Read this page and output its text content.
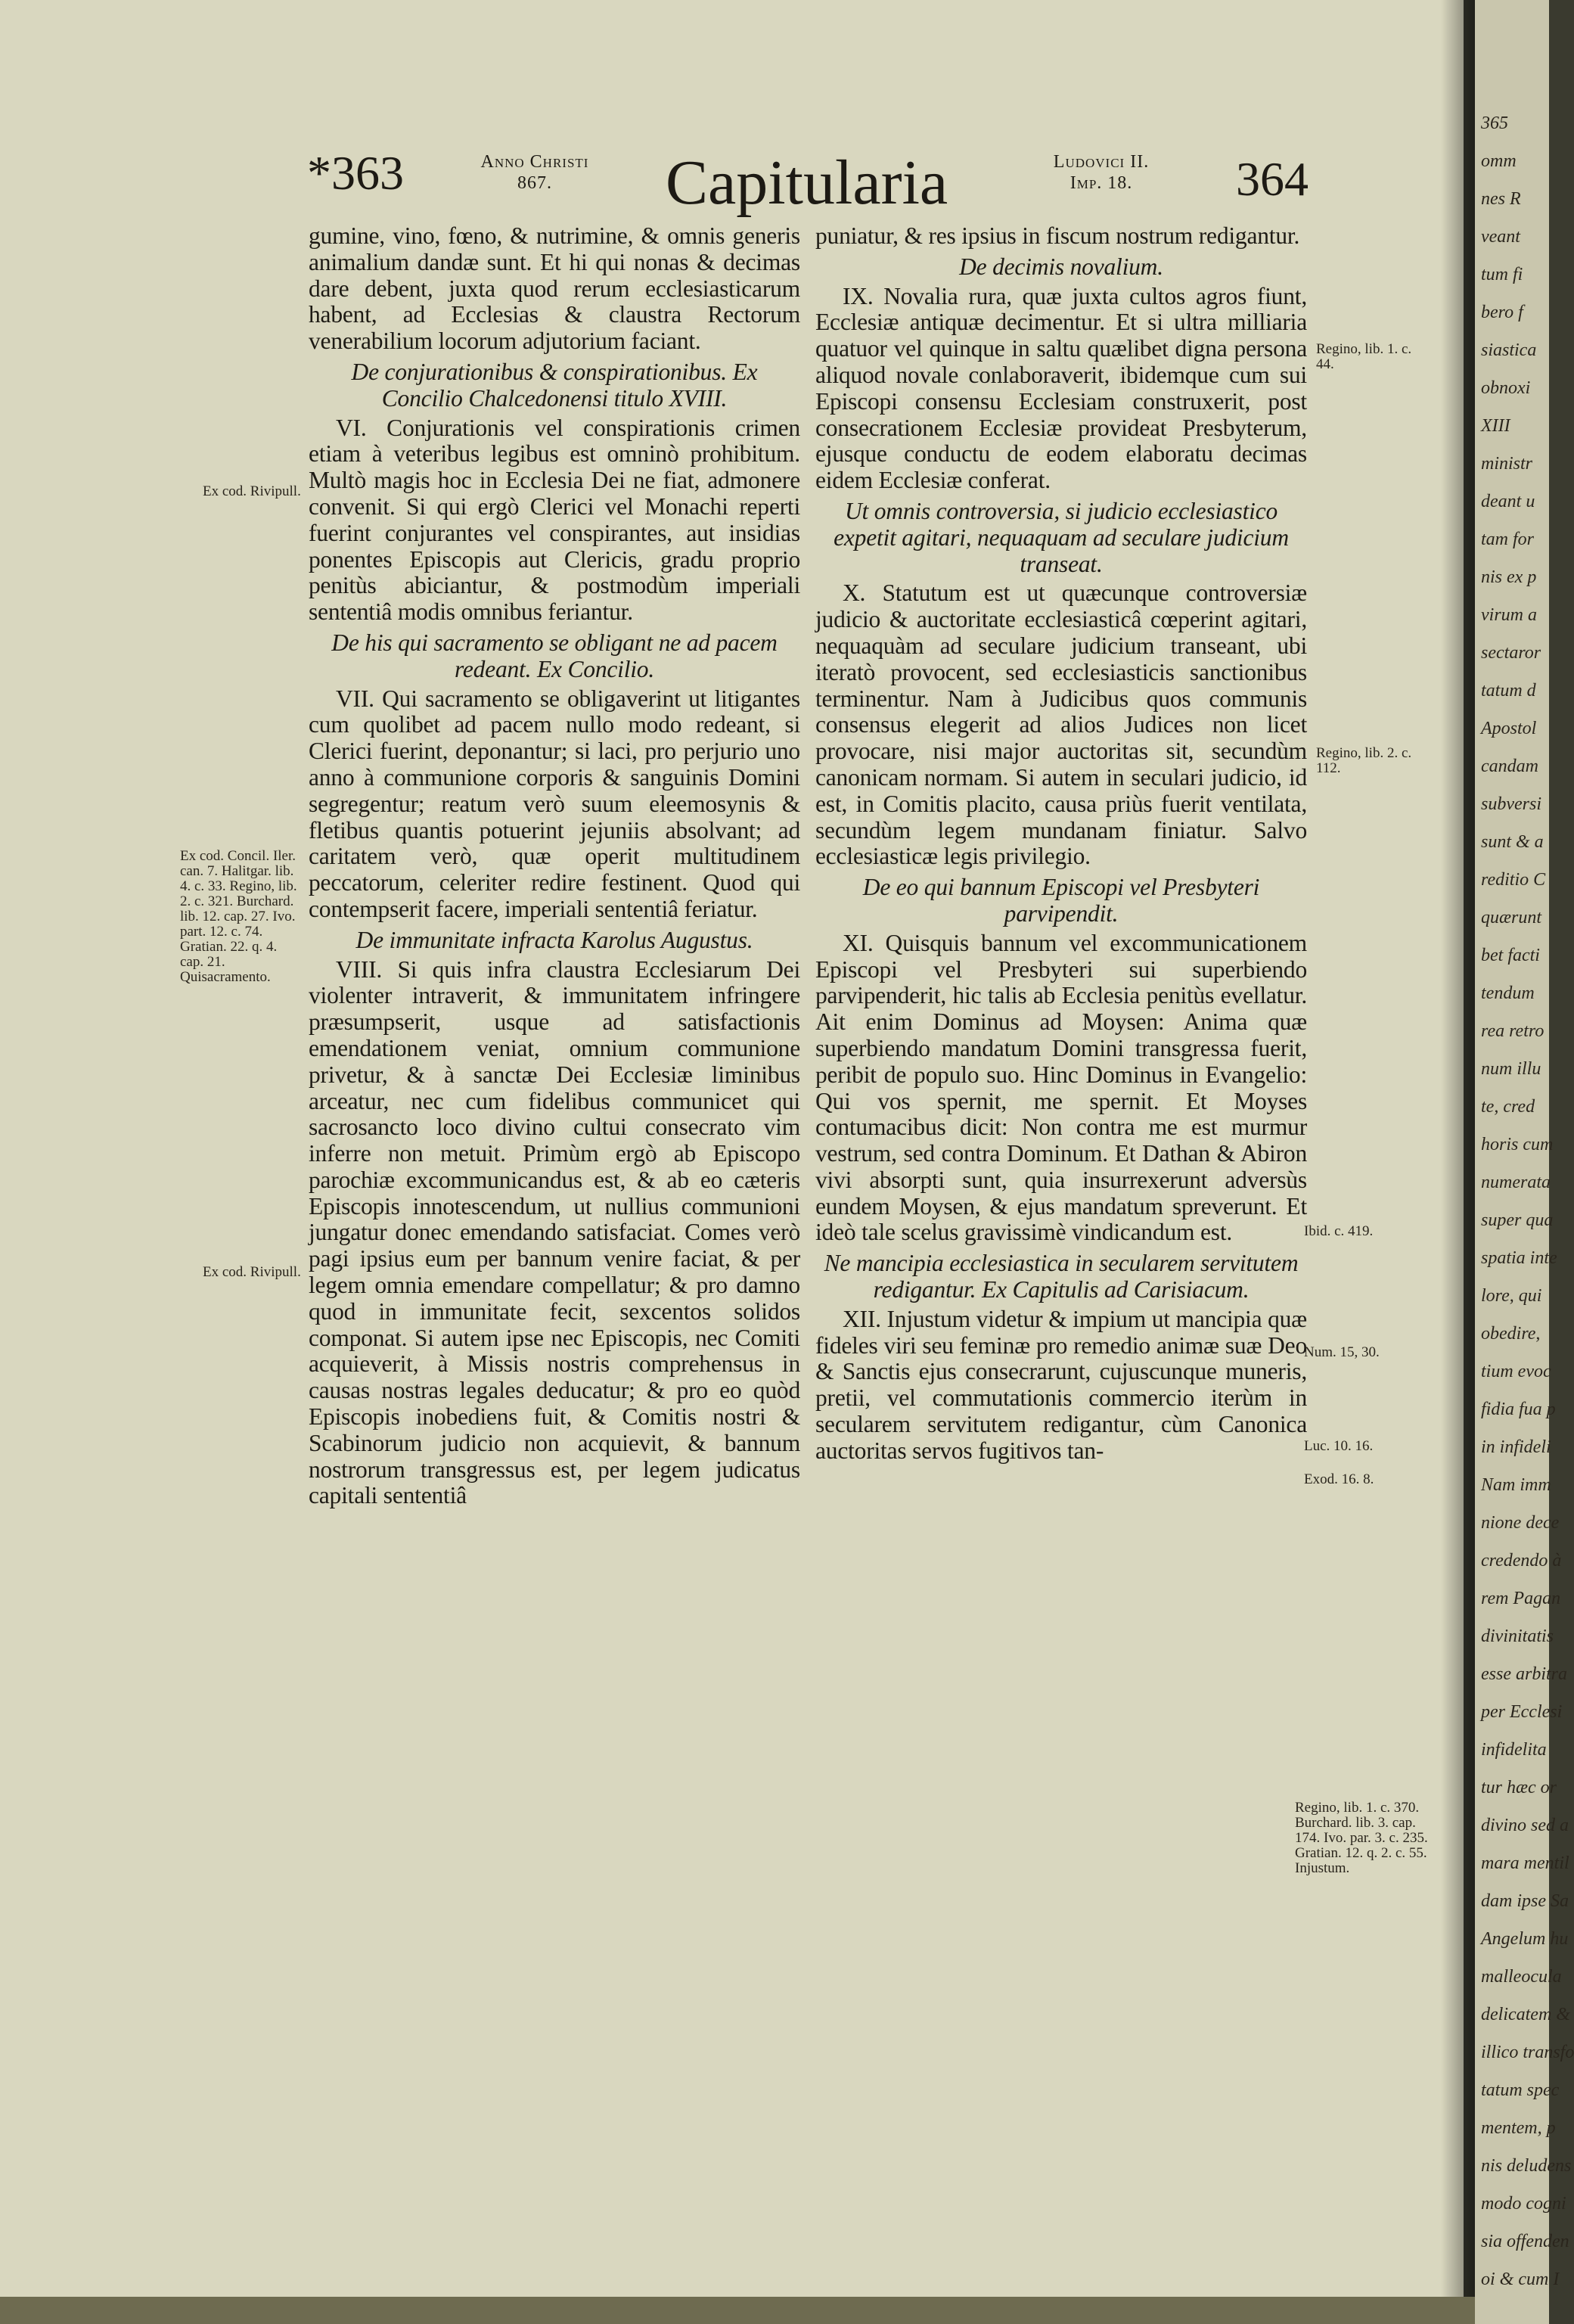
*363	Anno Christi
867.	Capitularia	Ludovici II.
Imp. 18.	364

gumine, vino, fœno, & nutrimine, & omnis generis animalium dandæ sunt. Et hi qui nonas & decimas dare debent, juxta quod rerum ecclesiasticarum habent, ad Ecclesias & claustra Rectorum venerabilium locorum adjutorium faciant.

De conjurationibus & conspirationibus. Ex Concilio Chalcedonensi titulo XVIII.

VI. Conjurationis vel conspirationis crimen etiam à veteribus legibus est omninò prohibitum. Multò magis hoc in Ecclesia Dei ne fiat, admonere convenit. Si qui ergò Clerici vel Monachi reperti fuerint conjurantes vel conspirantes, aut insidias ponentes Episcopis aut Clericis, gradu proprio penitùs abiciantur, & postmodùm imperiali sententiâ modis omnibus feriantur.

De his qui sacramento se obligant ne ad pacem redeant. Ex Concilio.

VII. Qui sacramento se obligaverint ut litigantes cum quolibet ad pacem nullo modo redeant, si Clerici fuerint, deponantur; si laci, pro perjurio uno anno à communione corporis & sanguinis Domini segregentur; reatum verò suum eleemosynis & fletibus quantis potuerint jejuniis absolvant; ad caritatem verò, quæ operit multitudinem peccatorum, celeriter redire festinent. Quod qui contempserit facere, imperiali sententiâ feriatur.

De immunitate infracta Karolus Augustus.

VIII. Si quis infra claustra Ecclesiarum Dei violenter intraverit, & immunitatem infringere præsumpserit, usque ad satisfactionis emendationem veniat, omnium communione privetur, & à sanctæ Dei Ecclesiæ liminibus arceatur, nec cum fidelibus communicet qui sacrosancto loco divino cultui consecrato vim inferre non metuit. Primùm ergò ab Episcopo parochiæ excommunicandus est, & ab eo cæteris Episcopis innotescendum, ut nullius communioni jungatur donec emendando satisfaciat. Comes verò pagi ipsius eum per bannum venire faciat, & per legem omnia emendare compellatur; & pro damno quod in immunitate fecit, sexcentos solidos componat. Si autem ipse nec Episcopis, nec Comiti acquieverit, à Missis nostris comprehensus in causas nostras legales deducatur; & pro eo quòd Episcopis inobediens fuit, & Comitis nostri & Scabinorum judicio non acquievit, & bannum nostrorum transgressus est, per legem judicatus capitali sententiâ

puniatur, & res ipsius in fiscum nostrum redigantur.

De decimis novalium.

IX. Novalia rura, quæ juxta cultos agros fiunt, Ecclesiæ antiquæ decimentur. Et si ultra milliaria quatuor vel quinque in saltu quælibet digna persona aliquod novale conlaboraverit, ibidemque cum sui Episcopi consensu Ecclesiam construxerit, post consecrationem Ecclesiæ provideat Presbyterum, ejusque conductu de eodem elaboratu decimas eidem Ecclesiæ conferat.

Ut omnis controversia, si judicio ecclesiastico expetit agitari, nequaquam ad seculare judicium transeat.

X. Statutum est ut quæcunque controversiæ judicio & auctoritate ecclesiasticâ cœperint agitari, nequaquàm ad seculare judicium transeant, ubi iteratò provocent, sed ecclesiasticis sanctionibus terminentur. Nam à Judicibus quos communis consensus elegerit ad alios Judices non licet provocare, nisi major auctoritas sit, secundùm canonicam normam. Si autem in seculari judicio, id est, in Comitis placito, causa priùs fuerit ventilata, secundùm legem mundanam finiatur. Salvo ecclesiasticæ legis privilegio.

De eo qui bannum Episcopi vel Presbyteri parvipendit.

XI. Quisquis bannum vel excommunicationem Episcopi vel Presbyteri sui superbiendo parvipenderit, hic talis ab Ecclesia penitùs evellatur. Ait enim Dominus ad Moysen: Anima quæ superbiendo mandatum Domini transgressa fuerit, peribit de populo suo. Hinc Dominus in Evangelio: Qui vos spernit, me spernit. Et Moyses contumacibus dicit: Non contra me est murmur vestrum, sed contra Dominum. Et Dathan & Abiron vivi absorpti sunt, quia insurrexerunt adversùs eundem Moysen, & ejus mandatum spreverunt. Et ideò tale scelus gravissimè vindicandum est.

Ne mancipia ecclesiastica in secularem servitutem redigantur. Ex Capitulis ad Carisiacum.

XII. Injustum videtur & impium ut mancipia quæ fideles viri seu feminæ pro remedio animæ suæ Deo & Sanctis ejus consecrarunt, cujuscunque muneris, pretii, vel commutationis commercio iterùm in secularem servitutem redigantur, cùm Canonica auctoritas servos fugitivos tan-

Ex cod. Rivipull.
Ex cod. Concil. Iler. can. 7. Halitgar. lib. 4. c. 33. Regino, lib. 2. c. 321. Burchard. lib. 12. cap. 27. Ivo. part. 12. c. 74. Gratian. 22. q. 4. cap. 21. Quisacramento.
Ex cod. Rivipull.
Regino, lib. 1. c. 44.
Regino, lib. 2. c. 112.
Ibid. c. 419.
Num. 15, 30.
Luc. 10. 16.
Exod. 16. 8.
Regino, lib. 1. c. 370. Burchard. lib. 3. cap. 174. Ivo. par. 3. c. 235. Gratian. 12. q. 2. c. 55. Injustum.
365
omm
nes R
veant
tum fi
bero f
siastica
obnoxi
XIII
ministr
deant u
tam for
nis ex p
virum a
sectaror
tatum d
Apostol
candam
subversi
sunt & a
reditio C
quærunt
bet facti
tendum
rea retro
num illu
te, cred
horis cum
numerata
super qua
spatia inte
lore, qui
obedire,
tium evoc
fidia fua p
in infideli
Nam imm
nione dece
credendo à
rem Pagan
divinitatis
esse arbitra
per Ecclesi
infidelita
tur hæc or
divino sed a
mara mentil
dam ipse Sa
Angelum hu
malleocula
delicatem &
illico transfo
tatum spec
mentem, p
nis deludens
modo cogni
sia offenden
oi & cum I
